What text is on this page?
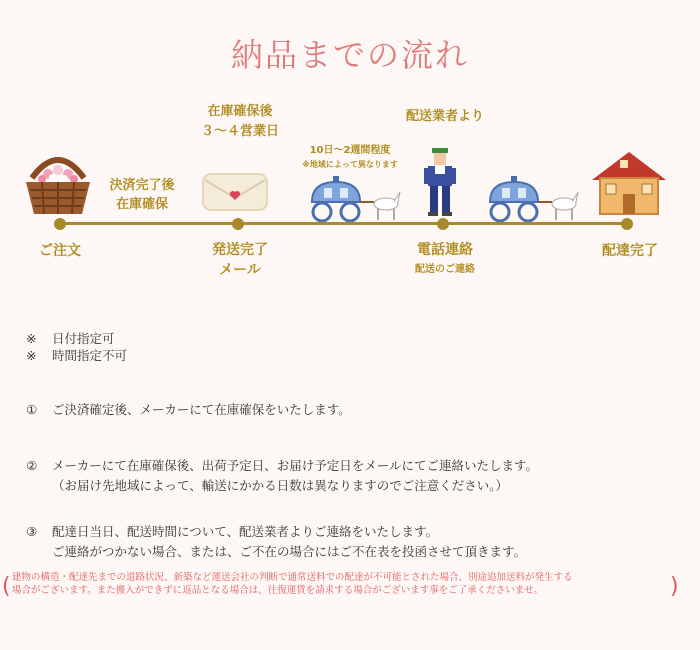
納品までの流れ
ご注文
決済完了後
在庫確保
在庫確保後
３～４営業日
発送完了
メール
10日～2週間程度
※地域によって異なります
配送業者より
電話連絡
配送のご連絡
配達完了
※ 日付指定可
※ 時間指定不可
① ご決済確定後、メーカーにて在庫確保をいたします。
② メーカーにて在庫確保後、出荷予定日、お届け予定日をメールにてご連絡いたします。
（お届け先地域によって、輸送にかかる日数は異なりますのでご注意ください。）
③ 配達日当日、配送時間について、配送業者よりご連絡をいたします。
ご連絡がつかない場合、または、ご不在の場合にはご不在表を投函させて頂きます。
( 建物の構造・配達先までの道路状況、新築など運送会社の判断で通常送料での配達が不可能とされた場合、別途追加送料が発生する
場合がございます。また搬入ができずに返品となる場合は、往復運賃を請求する場合がございます事をご了承くださいませ。	)
